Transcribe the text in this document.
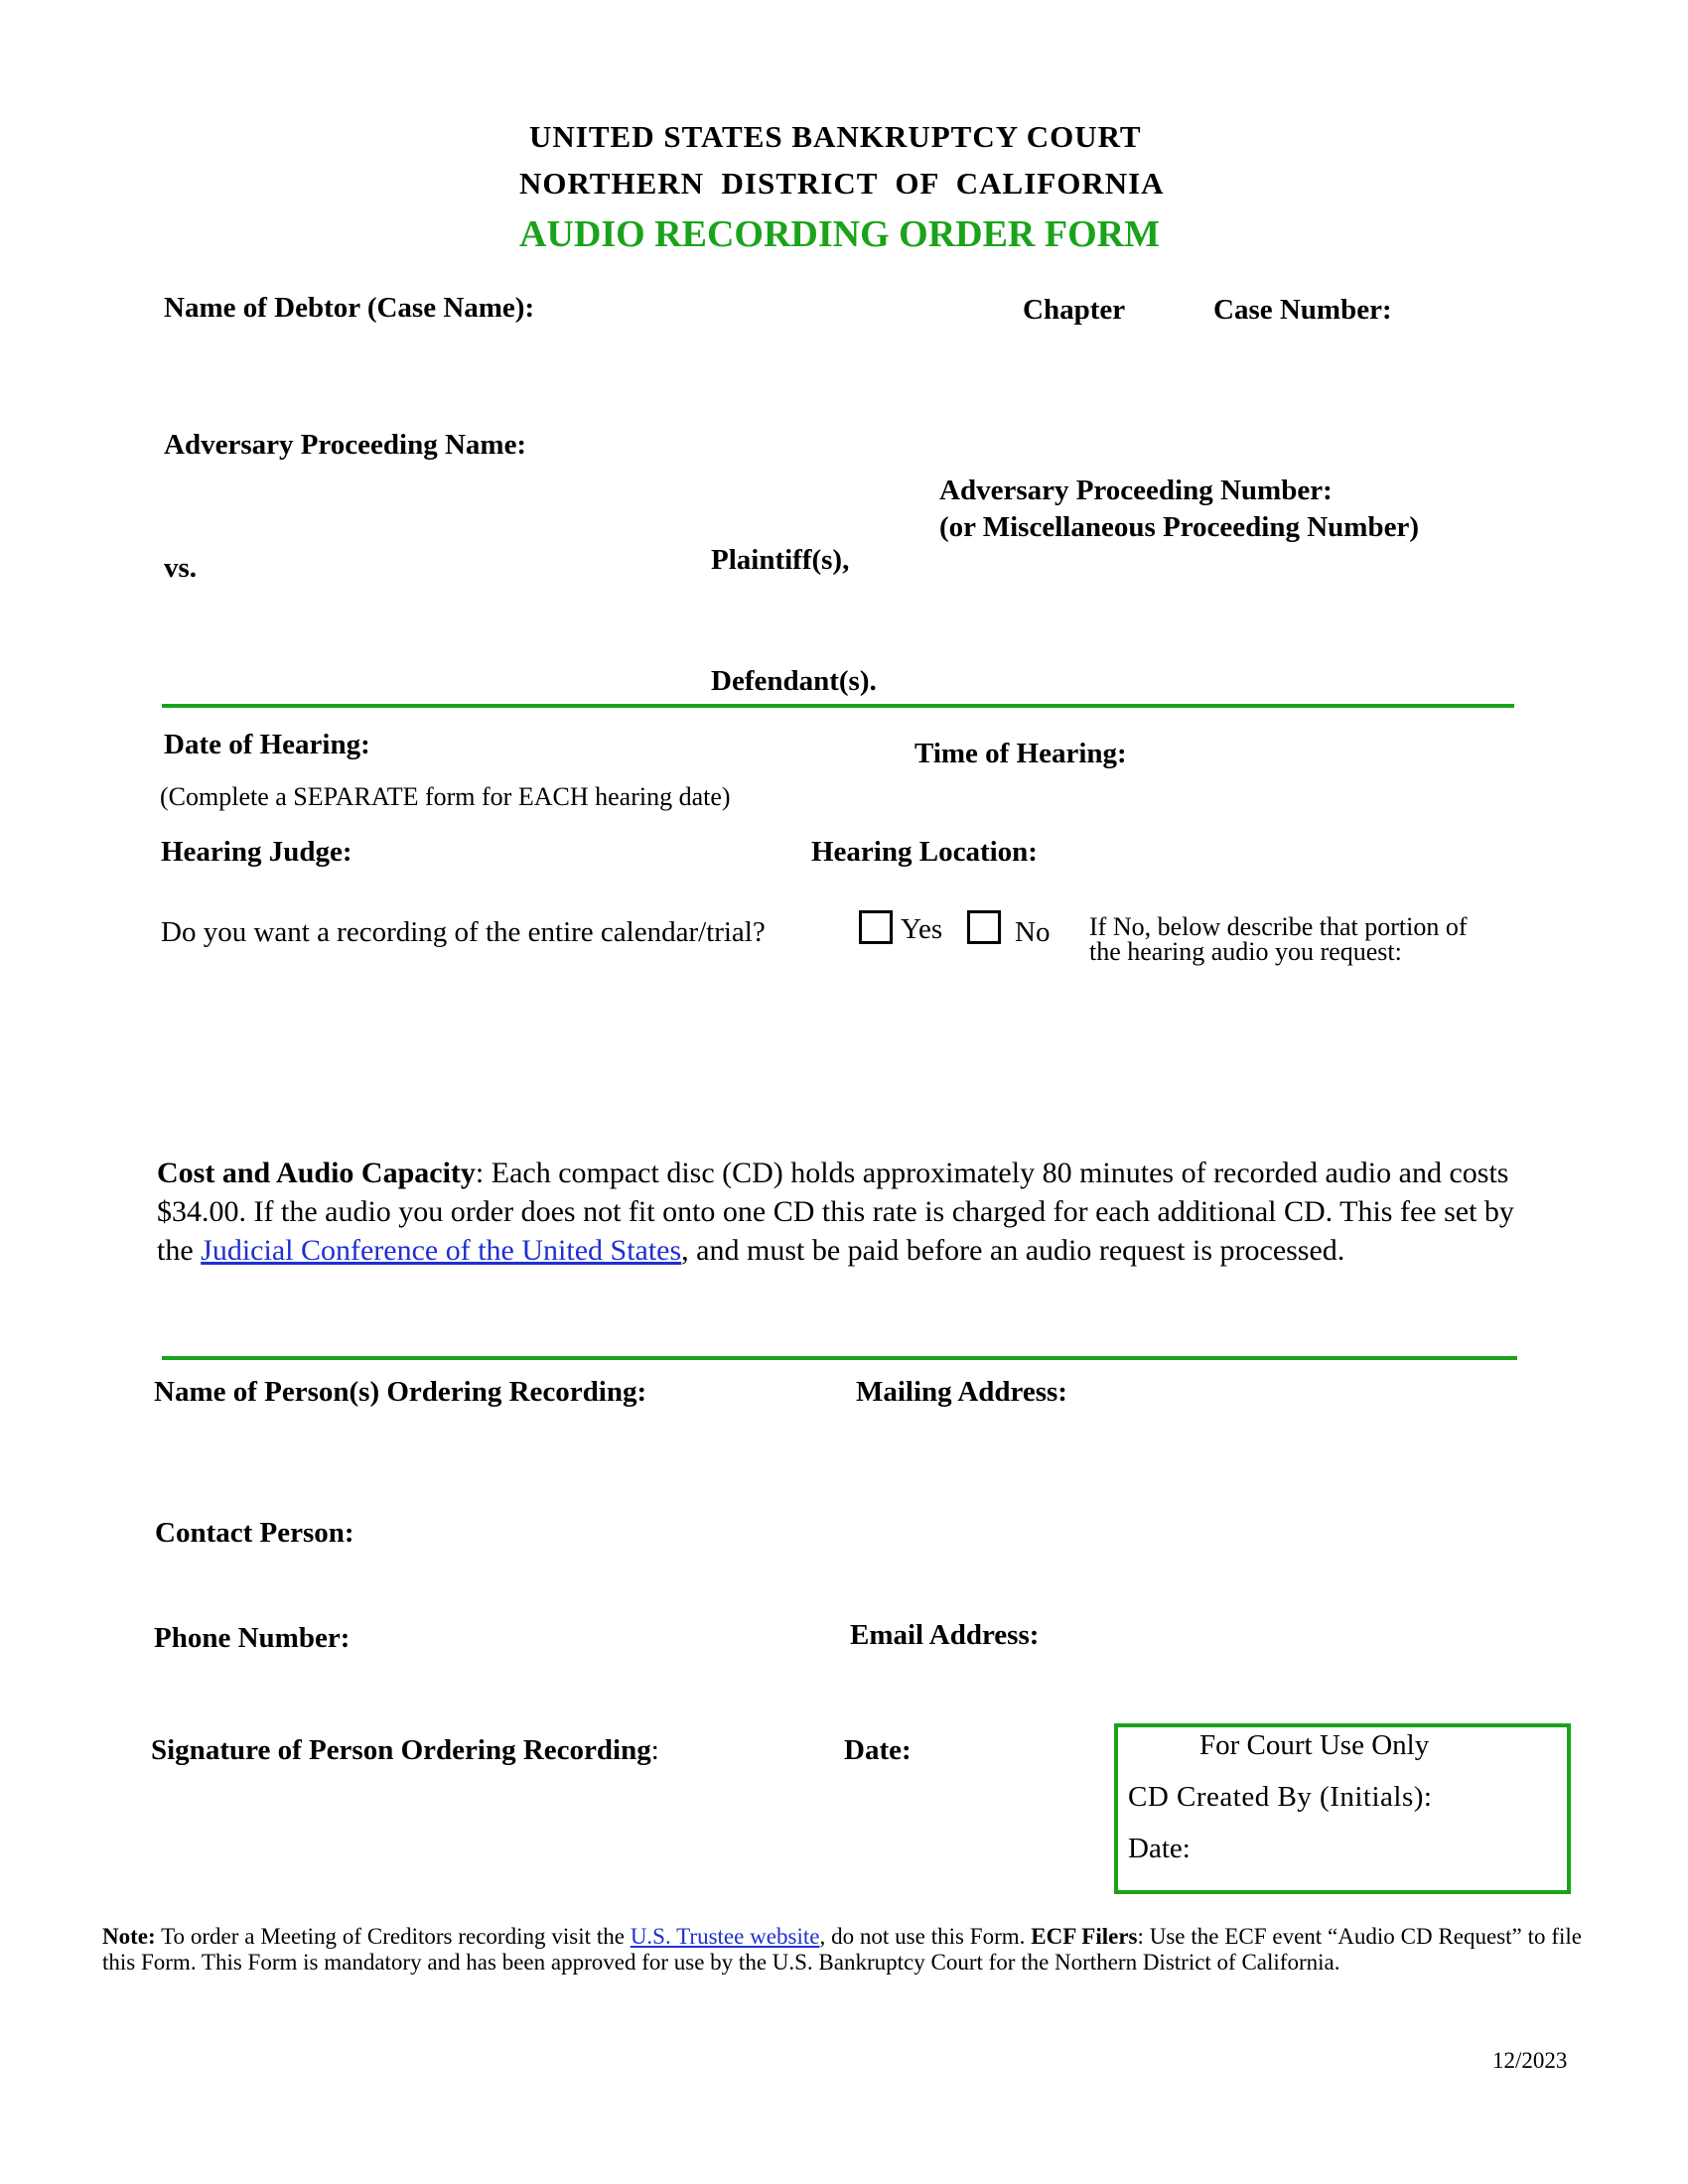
UNITED STATES BANKRUPTCY COURT
NORTHERN  DISTRICT  OF  CALIFORNIA
AUDIO RECORDING ORDER FORM
Name of Debtor (Case Name):	Chapter	Case Number:
Adversary Proceeding Name:
Adversary Proceeding Number:
(or Miscellaneous Proceeding Number)
vs.	Plaintiff(s),
Defendant(s).
Date of Hearing:	Time of Hearing:
(Complete a SEPARATE form for EACH hearing date)
Hearing Judge:	Hearing Location:
Do you want a recording of the entire calendar/trial?	Yes	No If No, below describe that portion of
the hearing audio you request:
Cost and Audio Capacity: Each compact disc (CD) holds approximately 80 minutes of recorded audio and costs $34.00. If the audio you order does not fit onto one CD this rate is charged for each additional CD. This fee set by the Judicial Conference of the United States, and must be paid before an audio request is processed.
Name of Person(s) Ordering Recording:	Mailing Address:
Contact Person:
Phone Number:	Email Address:
Signature of Person Ordering Recording:	Date:	For Court Use Only
CD Created By (Initials):
Date:
Note: To order a Meeting of Creditors recording visit the U.S. Trustee website, do not use this Form. ECF Filers: Use the ECF event “Audio CD Request” to file this Form. This Form is mandatory and has been approved for use by the U.S. Bankruptcy Court for the Northern District of California.
12/2023
